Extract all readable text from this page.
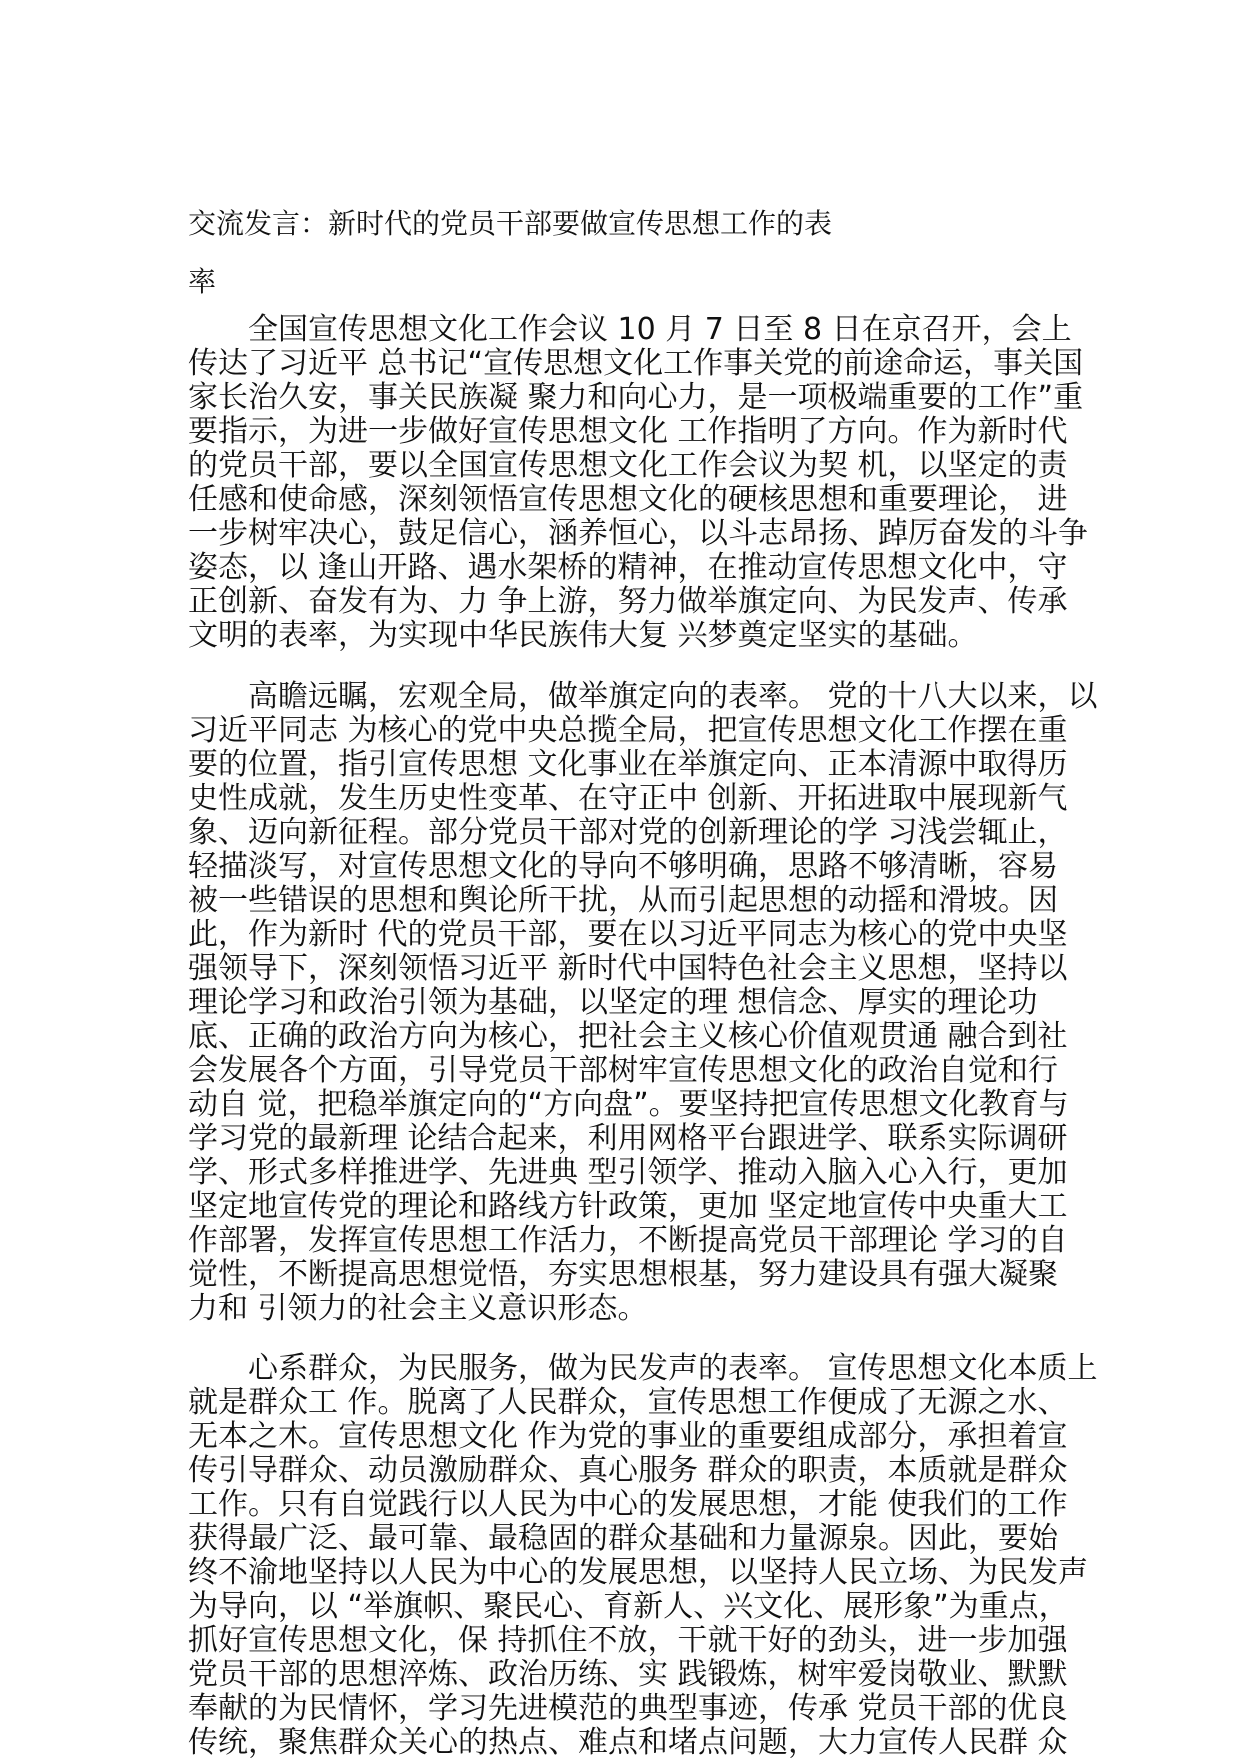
交流发言：新时代的党员干部要做宣传思想工作的表
率
　　全国宣传思想文化工作会议 10 月 7 日至 8 日在京召开，会上
传达了习近平 总书记“宣传思想文化工作事关党的前途命运，事关国
家长治久安，事关民族凝 聚力和向心力，是一项极端重要的工作”重
要指示，为进一步做好宣传思想文化 工作指明了方向。作为新时代
的党员干部，要以全国宣传思想文化工作会议为契 机，以坚定的责
任感和使命感，深刻领悟宣传思想文化的硬核思想和重要理论， 进
一步树牢决心，鼓足信心，涵养恒心，以斗志昂扬、踔厉奋发的斗争
姿态，以 逢山开路、遇水架桥的精神，在推动宣传思想文化中，守
正创新、奋发有为、力 争上游，努力做举旗定向、为民发声、传承
文明的表率，为实现中华民族伟大复 兴梦奠定坚实的基础。
　　高瞻远瞩，宏观全局，做举旗定向的表率。 党的十八大以来，以
习近平同志 为核心的党中央总揽全局，把宣传思想文化工作摆在重
要的位置，指引宣传思想 文化事业在举旗定向、正本清源中取得历
史性成就，发生历史性变革、在守正中 创新、开拓进取中展现新气
象、迈向新征程。部分党员干部对党的创新理论的学 习浅尝辄止，
轻描淡写，对宣传思想文化的导向不够明确，思路不够清晰，容易
被一些错误的思想和舆论所干扰，从而引起思想的动摇和滑坡。因
此，作为新时 代的党员干部，要在以习近平同志为核心的党中央坚
强领导下，深刻领悟习近平 新时代中国特色社会主义思想，坚持以
理论学习和政治引领为基础，以坚定的理 想信念、厚实的理论功
底、正确的政治方向为核心，把社会主义核心价值观贯通 融合到社
会发展各个方面，引导党员干部树牢宣传思想文化的政治自觉和行
动自 觉，把稳举旗定向的“方向盘”。要坚持把宣传思想文化教育与
学习党的最新理 论结合起来，利用网格平台跟进学、联系实际调研
学、形式多样推进学、先进典 型引领学、推动入脑入心入行，更加
坚定地宣传党的理论和路线方针政策，更加 坚定地宣传中央重大工
作部署，发挥宣传思想工作活力，不断提高党员干部理论 学习的自
觉性，不断提高思想觉悟，夯实思想根基，努力建设具有强大凝聚
力和 引领力的社会主义意识形态。
　　心系群众，为民服务，做为民发声的表率。 宣传思想文化本质上
就是群众工 作。脱离了人民群众，宣传思想工作便成了无源之水、
无本之木。宣传思想文化 作为党的事业的重要组成部分，承担着宣
传引导群众、动员激励群众、真心服务 群众的职责，本质就是群众
工作。只有自觉践行以人民为中心的发展思想，才能 使我们的工作
获得最广泛、最可靠、最稳固的群众基础和力量源泉。因此，要始
终不渝地坚持以人民为中心的发展思想，以坚持人民立场、为民发声
为导向，以 “举旗帜、聚民心、育新人、兴文化、展形象”为重点，
抓好宣传思想文化，保 持抓住不放，干就干好的劲头，进一步加强
党员干部的思想淬炼、政治历练、实 践锻炼，树牢爱岗敬业、默默
奉献的为民情怀，学习先进模范的典型事迹，传承 党员干部的优良
传统，聚焦群众关心的热点、难点和堵点问题，大力宣传人民群 众
